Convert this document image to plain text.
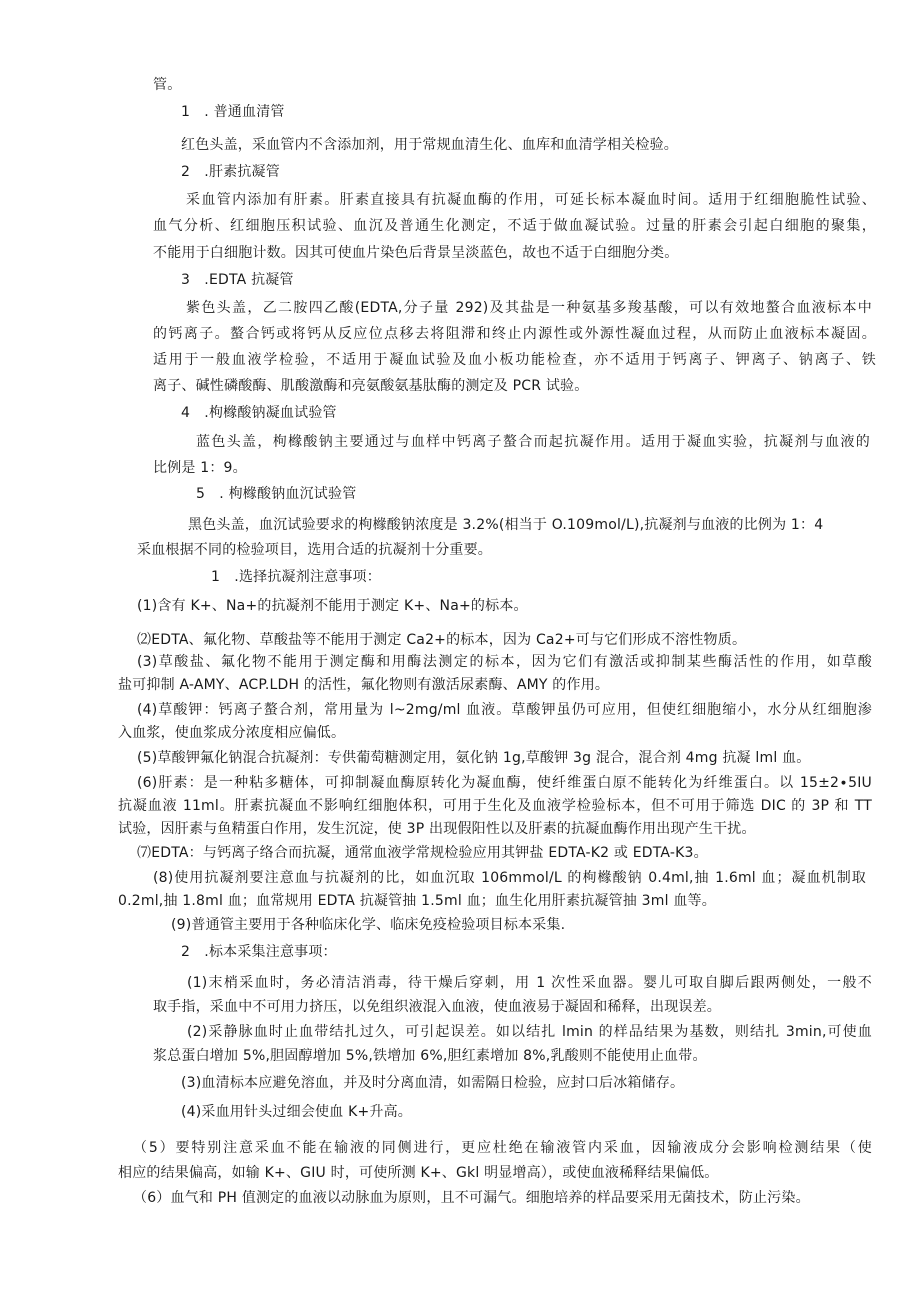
管。
1　. 普通血清管
红色头盖，采血管内不含添加剂，用于常规血清生化、血库和血清学相关检验。
2　.肝素抗凝管
采血管内添加有肝素。肝素直接具有抗凝血酶的作用，可延长标本凝血时间。适用于红细胞脆性试验、
血气分析、红细胞压积试验、血沉及普通生化测定，不适于做血凝试验。过量的肝素会引起白细胞的聚集，
不能用于白细胞计数。因其可使血片染色后背景呈淡蓝色，故也不适于白细胞分类。
3　.EDTA 抗凝管
紫色头盖，乙二胺四乙酸(EDTA,分子量 292)及其盐是一种氨基多羧基酸，可以有效地螯合血液标本中
的钙离子。螯合钙或将钙从反应位点移去将阻滞和终止内源性或外源性凝血过程，从而防止血液标本凝固。
适用于一般血液学检验，不适用于凝血试验及血小板功能检查，亦不适用于钙离子、钾离子、钠离子、铁
离子、碱性磷酸酶、肌酸激酶和亮氨酸氨基肽酶的测定及 PCR 试验。
4　.枸橼酸钠凝血试验管
蓝色头盖，枸橼酸钠主要通过与血样中钙离子螯合而起抗凝作用。适用于凝血实验，抗凝剂与血液的
比例是 1：9。
5　. 枸橼酸钠血沉试验管
黑色头盖，血沉试验要求的枸橼酸钠浓度是 3.2%(相当于 O.109mol/L),抗凝剂与血液的比例为 1：4
采血根据不同的检验项目，选用合适的抗凝剂十分重要。
1　.选择抗凝剂注意事项：
(1)含有 K+、Na+的抗凝剂不能用于测定 K+、Na+的标本。
⑵EDTA、氟化物、草酸盐等不能用于测定 Ca2+的标本，因为 Ca2+可与它们形成不溶性物质。
(3)草酸盐、氟化物不能用于测定酶和用酶法测定的标本，因为它们有激活或抑制某些酶活性的作用，如草酸
盐可抑制 A-AMY、ACP.LDH 的活性，氟化物则有激活尿素酶、AMY 的作用。
(4)草酸钾：钙离子螯合剂，常用量为 l~2mg/ml 血液。草酸钾虽仍可应用，但使红细胞缩小，水分从红细胞渗
入血浆，使血浆成分浓度相应偏低。
(5)草酸钾氟化钠混合抗凝剂：专供葡萄糖测定用，氨化钠 1g,草酸钾 3g 混合，混合剂 4mg 抗凝 lml 血。
(6)肝素：是一种粘多糖体，可抑制凝血酶原转化为凝血酶，使纤维蛋白原不能转化为纤维蛋白。以 15±2∙5IU
抗凝血液 11ml。肝素抗凝血不影响红细胞体积，可用于生化及血液学检验标本，但不可用于筛选 DIC 的 3P 和 TT
试验，因肝素与鱼精蛋白作用，发生沉淀，使 3P 出现假阳性以及肝素的抗凝血酶作用出现产生干扰。
⑺EDTA：与钙离子络合而抗凝，通常血液学常规检验应用其钾盐 EDTA-K2 或 EDTA-K3。
(8)使用抗凝剂要注意血与抗凝剂的比，如血沉取 106mmol/L 的枸橼酸钠 0.4ml,抽 1.6ml 血；凝血机制取
0.2ml,抽 1.8ml 血；血常规用 EDTA 抗凝管抽 1.5ml 血；血生化用肝素抗凝管抽 3ml 血等。
(9)普通管主要用于各种临床化学、临床免疫检验项目标本采集.
2　.标本采集注意事项：
(1)末梢采血时，务必清洁消毒，待干燥后穿刺，用 1 次性采血器。婴儿可取自脚后跟两侧处，一般不
取手指，采血中不可用力挤压，以免组织液混入血液，使血液易于凝固和稀释，出现误差。
(2)采静脉血时止血带结扎过久，可引起误差。如以结扎 lmin 的样品结果为基数，则结扎 3min,可使血
浆总蛋白增加 5%,胆固醇增加 5%,铁增加 6%,胆红素增加 8%,乳酸则不能使用止血带。
(3)血清标本应避免溶血，并及时分离血清，如需隔日检验，应封口后冰箱储存。
(4)采血用针头过细会使血 K+升高。
（5）要特别注意采血不能在输液的同侧进行，更应杜绝在输液管内采血，因输液成分会影响检测结果（使
相应的结果偏高，如输 K+、GIU 时，可使所测 K+、Gkl 明显增高），或使血液稀释结果偏低。
（6）血气和 PH 值测定的血液以动脉血为原则，且不可漏气。细胞培养的样品要采用无菌技术，防止污染。
